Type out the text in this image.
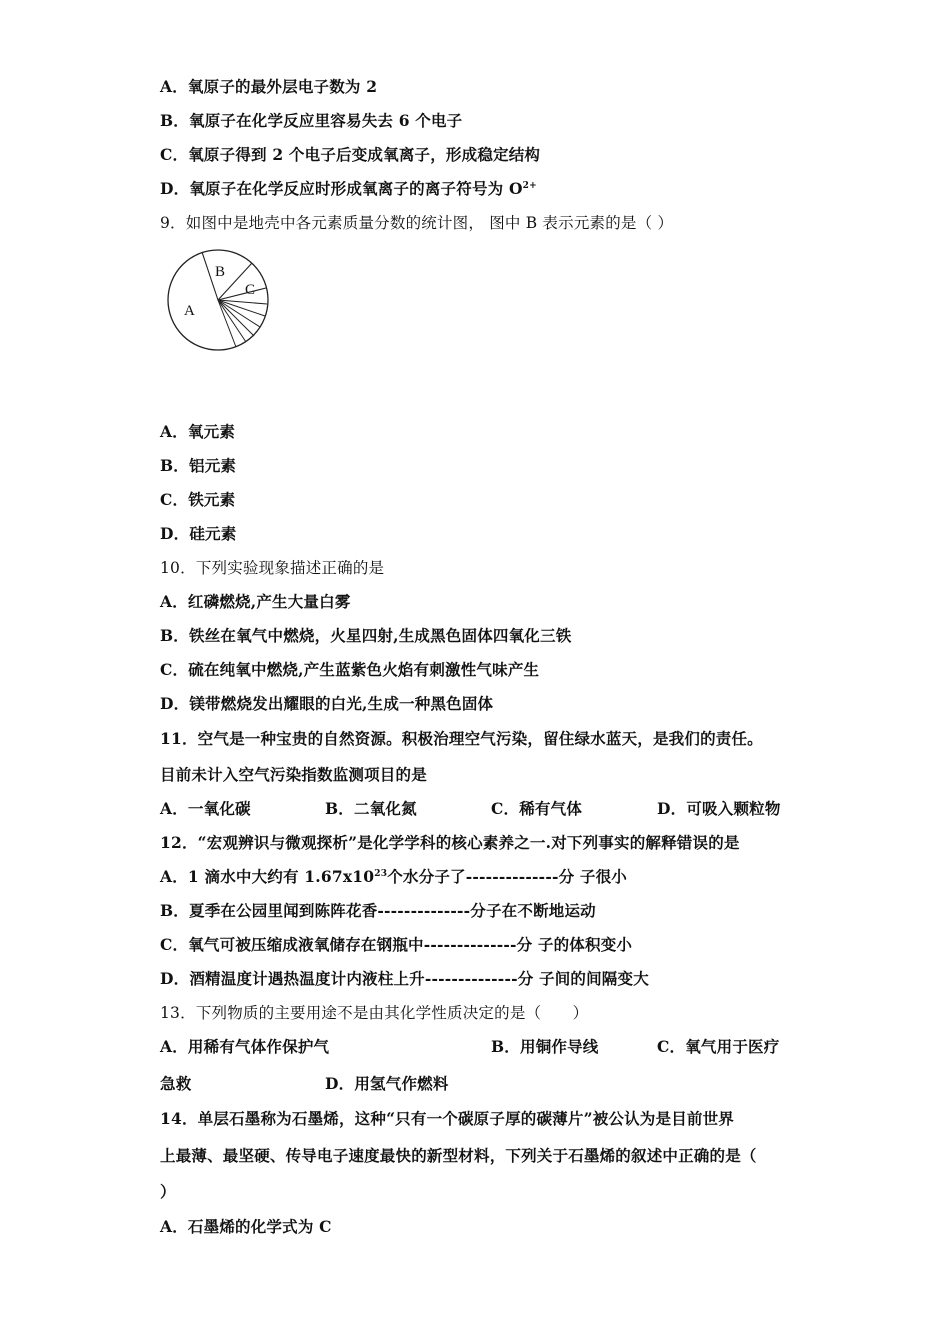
A．氧原子的最外层电子数为 2
B．氧原子在化学反应里容易失去 6 个电子
C．氧原子得到 2 个电子后变成氧离子，形成稳定结构
D．氧原子在化学反应时形成氧离子的离子符号为 $O^{2+}$
9．如图中是地壳中各元素质量分数的统计图， 图中 B 表示元素的是（ ）
A
B
C
A．氧元素
B．铝元素
C．铁元素
D．硅元素
10．下列实验现象描述正确的是
A．红磷燃烧,产生大量白雾
B．铁丝在氧气中燃烧，火星四射,生成黑色固体四氧化三铁
C．硫在纯氧中燃烧,产生蓝紫色火焰有刺激性气味产生
D．镁带燃烧发出耀眼的白光,生成一种黑色固体
11．空气是一种宝贵的自然资源。积极治理空气污染，留住绿水蓝天，是我们的责任。
目前未计入空气污染指数监测项目的是
A．一氧化碳	B．二氧化氮	C．稀有气体	D．可吸入颗粒物
12．“宏观辨识与微观探析”是化学学科的核心素养之一.对下列事实的解释错误的是
A．1 滴水中大约有 $1.67x10^{23}$个水分子了--------------分 子很小
B．夏季在公园里闻到陈阵花香--------------分子在不断地运动
C．氧气可被压缩成液氧储存在钢瓶中--------------分 子的体积变小
D．酒精温度计遇热温度计内液柱上升--------------分 子间的间隔变大
13．下列物质的主要用途不是由其化学性质决定的是（　　）
A．用稀有气体作保护气	B．用铜作导线	C．氧气用于医疗
急救	D．用氢气作燃料
14．单层石墨称为石墨烯，这种“只有一个碳原子厚的碳薄片”被公认为是目前世界
上最薄、最坚硬、传导电子速度最快的新型材料，下列关于石墨烯的叙述中正确的是（
）
A．石墨烯的化学式为 C
